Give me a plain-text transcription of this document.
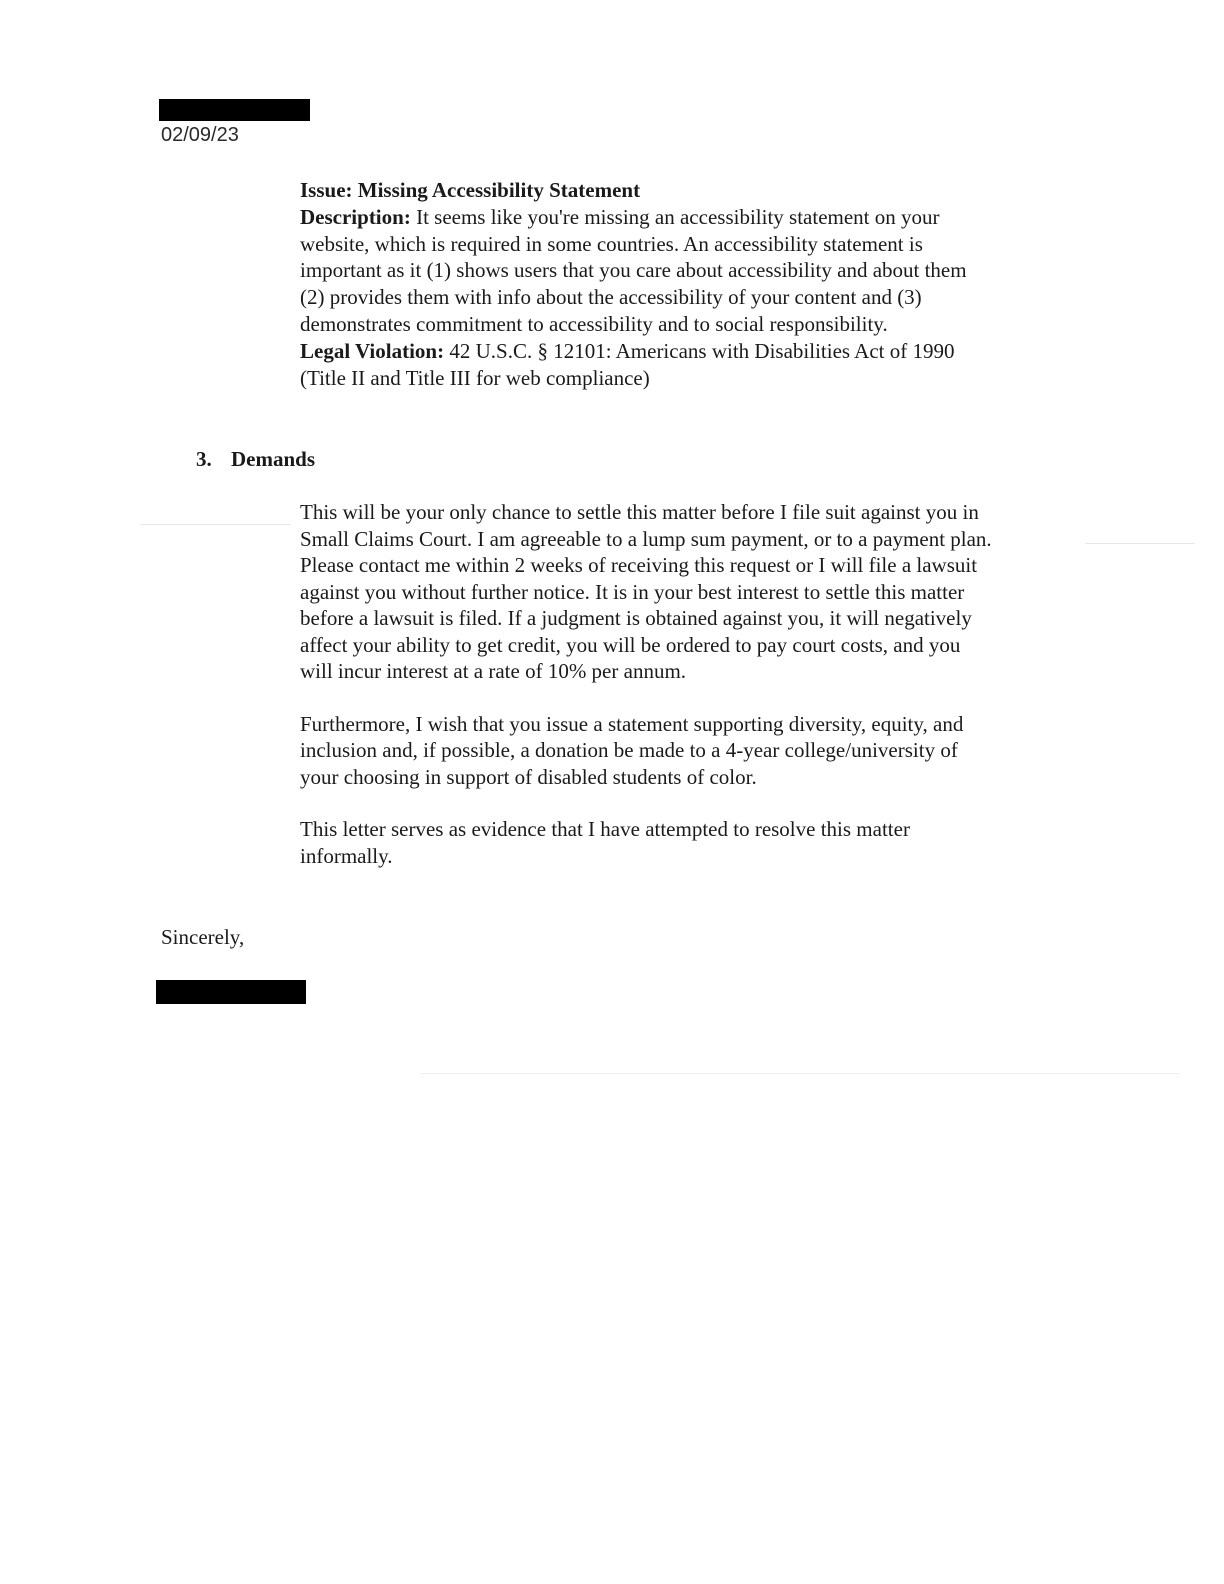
02/09/23

Issue: Missing Accessibility Statement

Description: It seems like you're missing an accessibility statement on your
website, which is required in some countries. An accessibility statement is
important as it (1) shows users that you care about accessibility and about them
(2) provides them with info about the accessibility of your content and (3)
demonstrates commitment to accessibility and to social responsibility.

Legal Violation: 42 U.S.C. § 12101: Americans with Disabilities Act of 1990
(Title II and Title III for web compliance)

3. Demands

This will be your only chance to settle this matter before I file suit against you in
Small Claims Court. I am agreeable to a lump sum payment, or to a payment plan.
Please contact me within 2 weeks of receiving this request or I will file a lawsuit
against you without further notice. It is in your best interest to settle this matter
before a lawsuit is filed. If a judgment is obtained against you, it will negatively
affect your ability to get credit, you will be ordered to pay court costs, and you
will incur interest at a rate of 10% per annum.

Furthermore, I wish that you issue a statement supporting diversity, equity, and
inclusion and, if possible, a donation be made to a 4-year college/university of
your choosing in support of disabled students of color.

This letter serves as evidence that I have attempted to resolve this matter
informally.

Sincerely,
